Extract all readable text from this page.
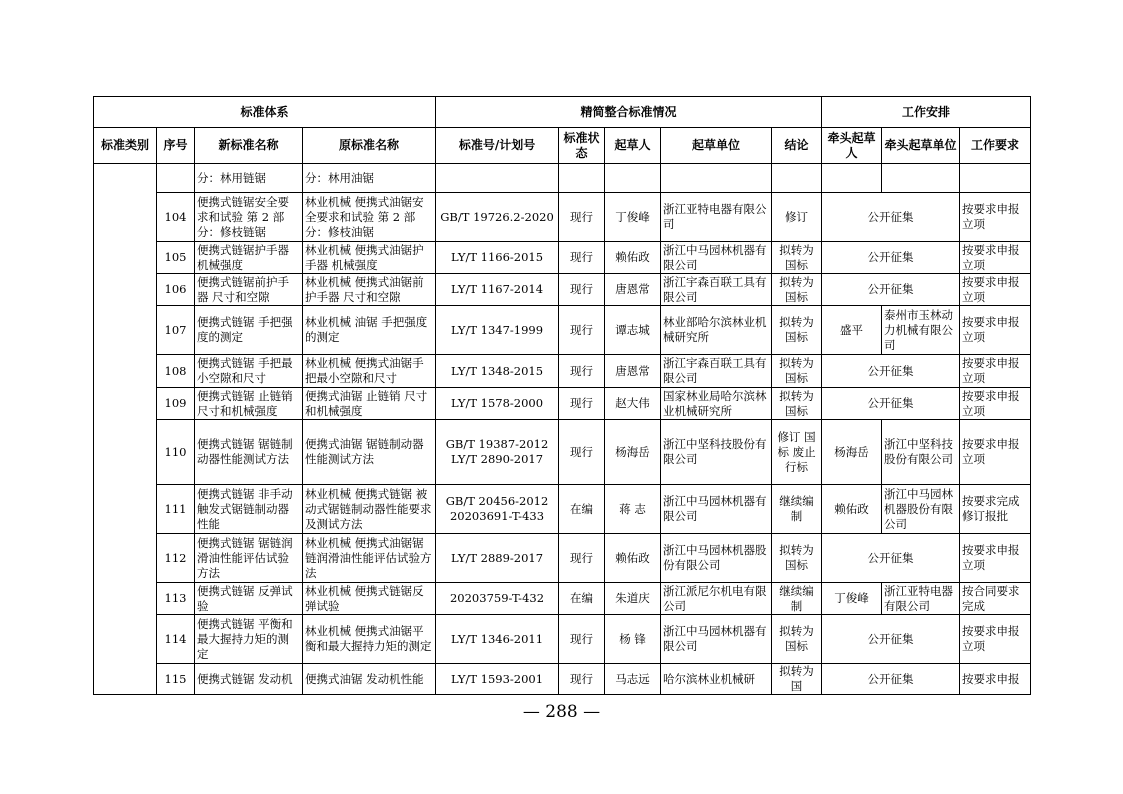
标准体系				精简整合标准情况					工作安排		
标准类别	序号	新标准名称	原标准名称	标准号/计划号	标准状态	起草人	起草单位	结论	牵头起草人	牵头起草单位	工作要求
		分：林用链锯	分：林用油锯								
	104	便携式链锯安全要求和试验 第 2 部分：修枝链锯	林业机械 便携式油锯安全要求和试验 第 2 部分：修枝油锯	GB/T 19726.2-2020	现行	丁俊峰	浙江亚特电器有限公司	修订	公开征集		按要求申报立项
	105	便携式链锯护手器机械强度	林业机械 便携式油锯护手器 机械强度	LY/T 1166-2015	现行	赖佑政	浙江中马园林机器有限公司	拟转为国标	公开征集		按要求申报立项
	106	便携式链锯前护手器 尺寸和空隙	林业机械 便携式油锯前护手器 尺寸和空隙	LY/T 1167-2014	现行	唐恩常	浙江宇森百联工具有限公司	拟转为国标	公开征集		按要求申报立项
	107	便携式链锯 手把强度的测定	林业机械 油锯 手把强度的测定	LY/T 1347-1999	现行	谭志城	林业部哈尔滨林业机械研究所	拟转为国标	盛平	泰州市玉林动力机械有限公司	按要求申报立项
	108	便携式链锯 手把最小空隙和尺寸	林业机械 便携式油锯手把最小空隙和尺寸	LY/T 1348-2015	现行	唐恩常	浙江宇森百联工具有限公司	拟转为国标	公开征集		按要求申报立项
	109	便携式链锯 止链销尺寸和机械强度	便携式油锯 止链销 尺寸和机械强度	LY/T 1578-2000	现行	赵大伟	国家林业局哈尔滨林业机械研究所	拟转为国标	公开征集		按要求申报立项
	110	便携式链锯 锯链制动器性能测试方法	便携式油锯 锯链制动器性能测试方法	GB/T 19387-2012 LY/T 2890-2017	现行	杨海岳	浙江中坚科技股份有限公司	修订 国标 废止 行标	杨海岳	浙江中坚科技股份有限公司	按要求申报立项
	111	便携式链锯 非手动触发式锯链制动器性能	林业机械 便携式链锯 被动式锯链制动器性能要求及测试方法	GB/T 20456-2012 20203691-T-433	在编	蒋 志	浙江中马园林机器有限公司	继续编制	赖佑政	浙江中马园林机器股份有限公司	按要求完成修订报批
	112	便携式链锯 锯链润滑油性能评估试验方法	林业机械 便携式油锯锯链润滑油性能评估试验方法	LY/T 2889-2017	现行	赖佑政	浙江中马园林机器股份有限公司	拟转为国标	公开征集		按要求申报立项
	113	便携式链锯 反弹试验	林业机械 便携式链锯反弹试验	20203759-T-432	在编	朱道庆	浙江派尼尔机电有限公司	继续编制	丁俊峰	浙江亚特电器有限公司	按合同要求完成
	114	便携式链锯 平衡和最大握持力矩的测定	林业机械 便携式油锯平衡和最大握持力矩的测定	LY/T 1346-2011	现行	杨 锋	浙江中马园林机器有限公司	拟转为国标	公开征集		按要求申报立项
	115	便携式链锯 发动机	便携式油锯 发动机性能	LY/T 1593-2001	现行	马志远	哈尔滨林业机械研	拟转为国	公开征集		按要求申报
— 288 —
